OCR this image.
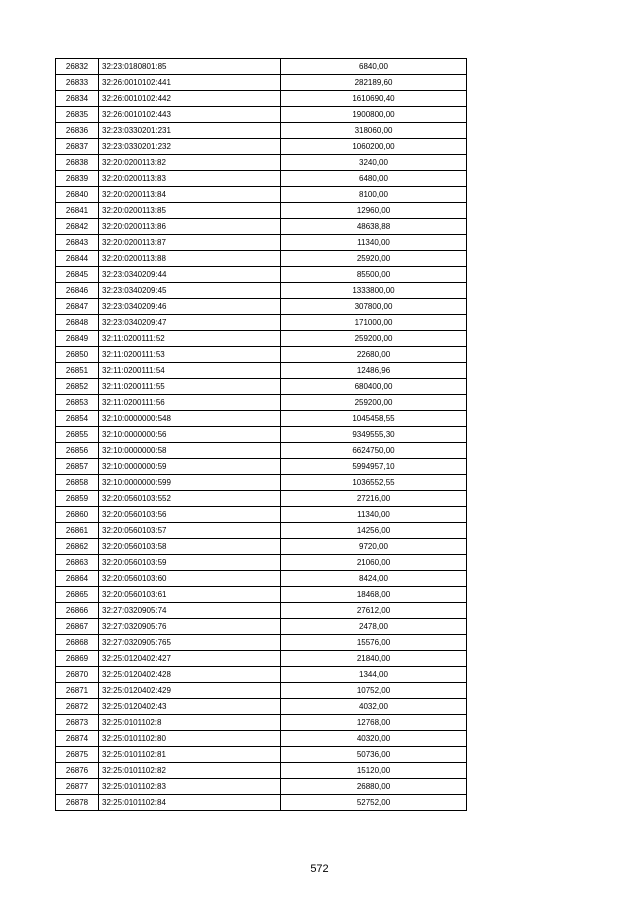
26832	32:23:0180801:85	6840,00
26833	32:26:0010102:441	282189,60
26834	32:26:0010102:442	1610690,40
26835	32:26:0010102:443	1900800,00
26836	32:23:0330201:231	318060,00
26837	32:23:0330201:232	1060200,00
26838	32:20:0200113:82	3240,00
26839	32:20:0200113:83	6480,00
26840	32:20:0200113:84	8100,00
26841	32:20:0200113:85	12960,00
26842	32:20:0200113:86	48638,88
26843	32:20:0200113:87	11340,00
26844	32:20:0200113:88	25920,00
26845	32:23:0340209:44	85500,00
26846	32:23:0340209:45	1333800,00
26847	32:23:0340209:46	307800,00
26848	32:23:0340209:47	171000,00
26849	32:11:0200111:52	259200,00
26850	32:11:0200111:53	22680,00
26851	32:11:0200111:54	12486,96
26852	32:11:0200111:55	680400,00
26853	32:11:0200111:56	259200,00
26854	32:10:0000000:548	1045458,55
26855	32:10:0000000:56	9349555,30
26856	32:10:0000000:58	6624750,00
26857	32:10:0000000:59	5994957,10
26858	32:10:0000000:599	1036552,55
26859	32:20:0560103:552	27216,00
26860	32:20:0560103:56	11340,00
26861	32:20:0560103:57	14256,00
26862	32:20:0560103:58	9720,00
26863	32:20:0560103:59	21060,00
26864	32:20:0560103:60	8424,00
26865	32:20:0560103:61	18468,00
26866	32:27:0320905:74	27612,00
26867	32:27:0320905:76	2478,00
26868	32:27:0320905:765	15576,00
26869	32:25:0120402:427	21840,00
26870	32:25:0120402:428	1344,00
26871	32:25:0120402:429	10752,00
26872	32:25:0120402:43	4032,00
26873	32:25:0101102:8	12768,00
26874	32:25:0101102:80	40320,00
26875	32:25:0101102:81	50736,00
26876	32:25:0101102:82	15120,00
26877	32:25:0101102:83	26880,00
26878	32:25:0101102:84	52752,00
572
